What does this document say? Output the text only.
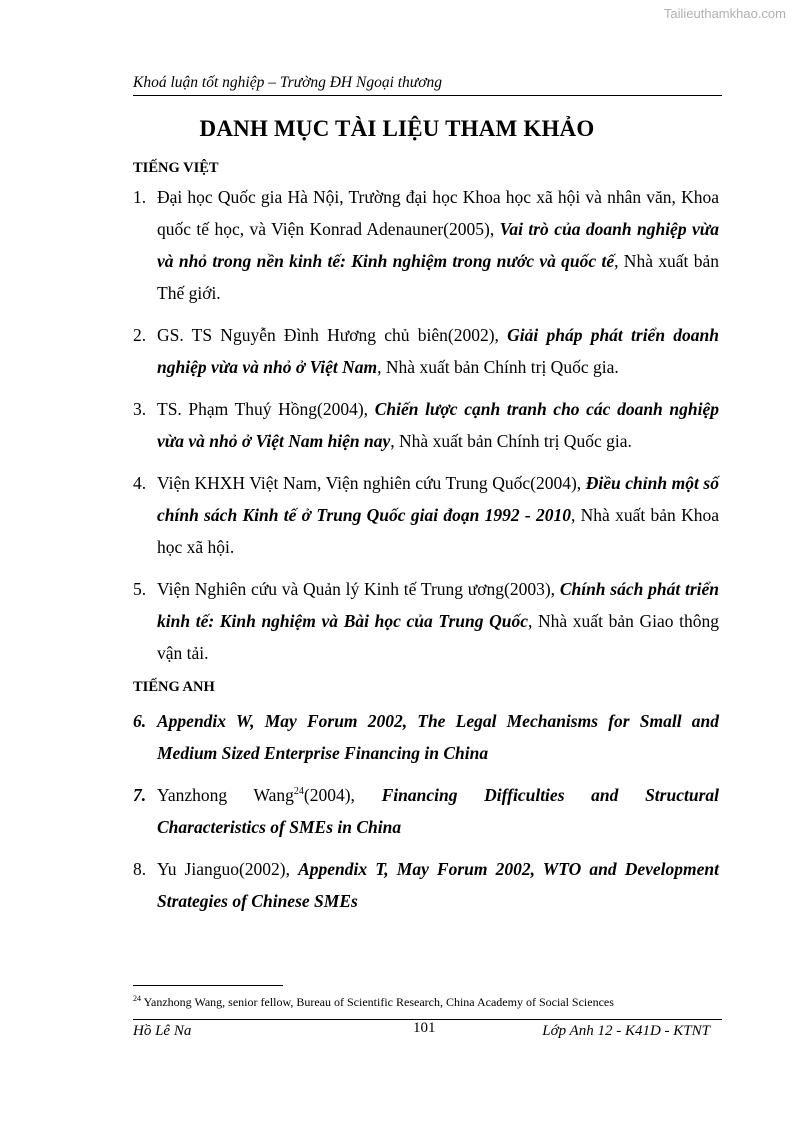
Tailieuthamkhao.com
Khoá luận tốt nghiệp – Trường ĐH Ngoại thương
DANH MỤC TÀI LIỆU THAM KHẢO
TIẾNG VIỆT
1. Đại học Quốc gia Hà Nội, Trường đại học Khoa học xã hội và nhân văn, Khoa quốc tế học, và Viện Konrad Adenauner(2005), Vai trò của doanh nghiệp vừa và nhỏ trong nền kinh tế: Kinh nghiệm trong nước và quốc tế, Nhà xuất bản Thế giới.
2. GS. TS Nguyễn Đình Hương chủ biên(2002), Giải pháp phát triển doanh nghiệp vừa và nhỏ ở Việt Nam, Nhà xuất bản Chính trị Quốc gia.
3. TS. Phạm Thuý Hồng(2004), Chiến lược cạnh tranh cho các doanh nghiệp vừa và nhỏ ở Việt Nam hiện nay, Nhà xuất bản Chính trị Quốc gia.
4. Viện KHXH Việt Nam, Viện nghiên cứu Trung Quốc(2004), Điều chỉnh một số chính sách Kinh tế ở Trung Quốc giai đoạn 1992 - 2010, Nhà xuất bản Khoa học xã hội.
5. Viện Nghiên cứu và Quản lý Kinh tế Trung ương(2003), Chính sách phát triển kinh tế: Kinh nghiệm và Bài học của Trung Quốc, Nhà xuất bản Giao thông vận tải.
TIẾNG ANH
6. Appendix W, May Forum 2002, The Legal Mechanisms for Small and Medium Sized Enterprise Financing in China
7. Yanzhong Wang$^{24}$(2004), Financing Difficulties and Structural Characteristics of SMEs in China
8. Yu Jianguo(2002), Appendix T, May Forum 2002, WTO and Development Strategies of Chinese SMEs
$^{24}$ Yanzhong Wang, senior fellow, Bureau of Scientific Research, China Academy of Social Sciences
Hồ Lê Na	101	Lớp Anh 12 - K41D - KTNT
